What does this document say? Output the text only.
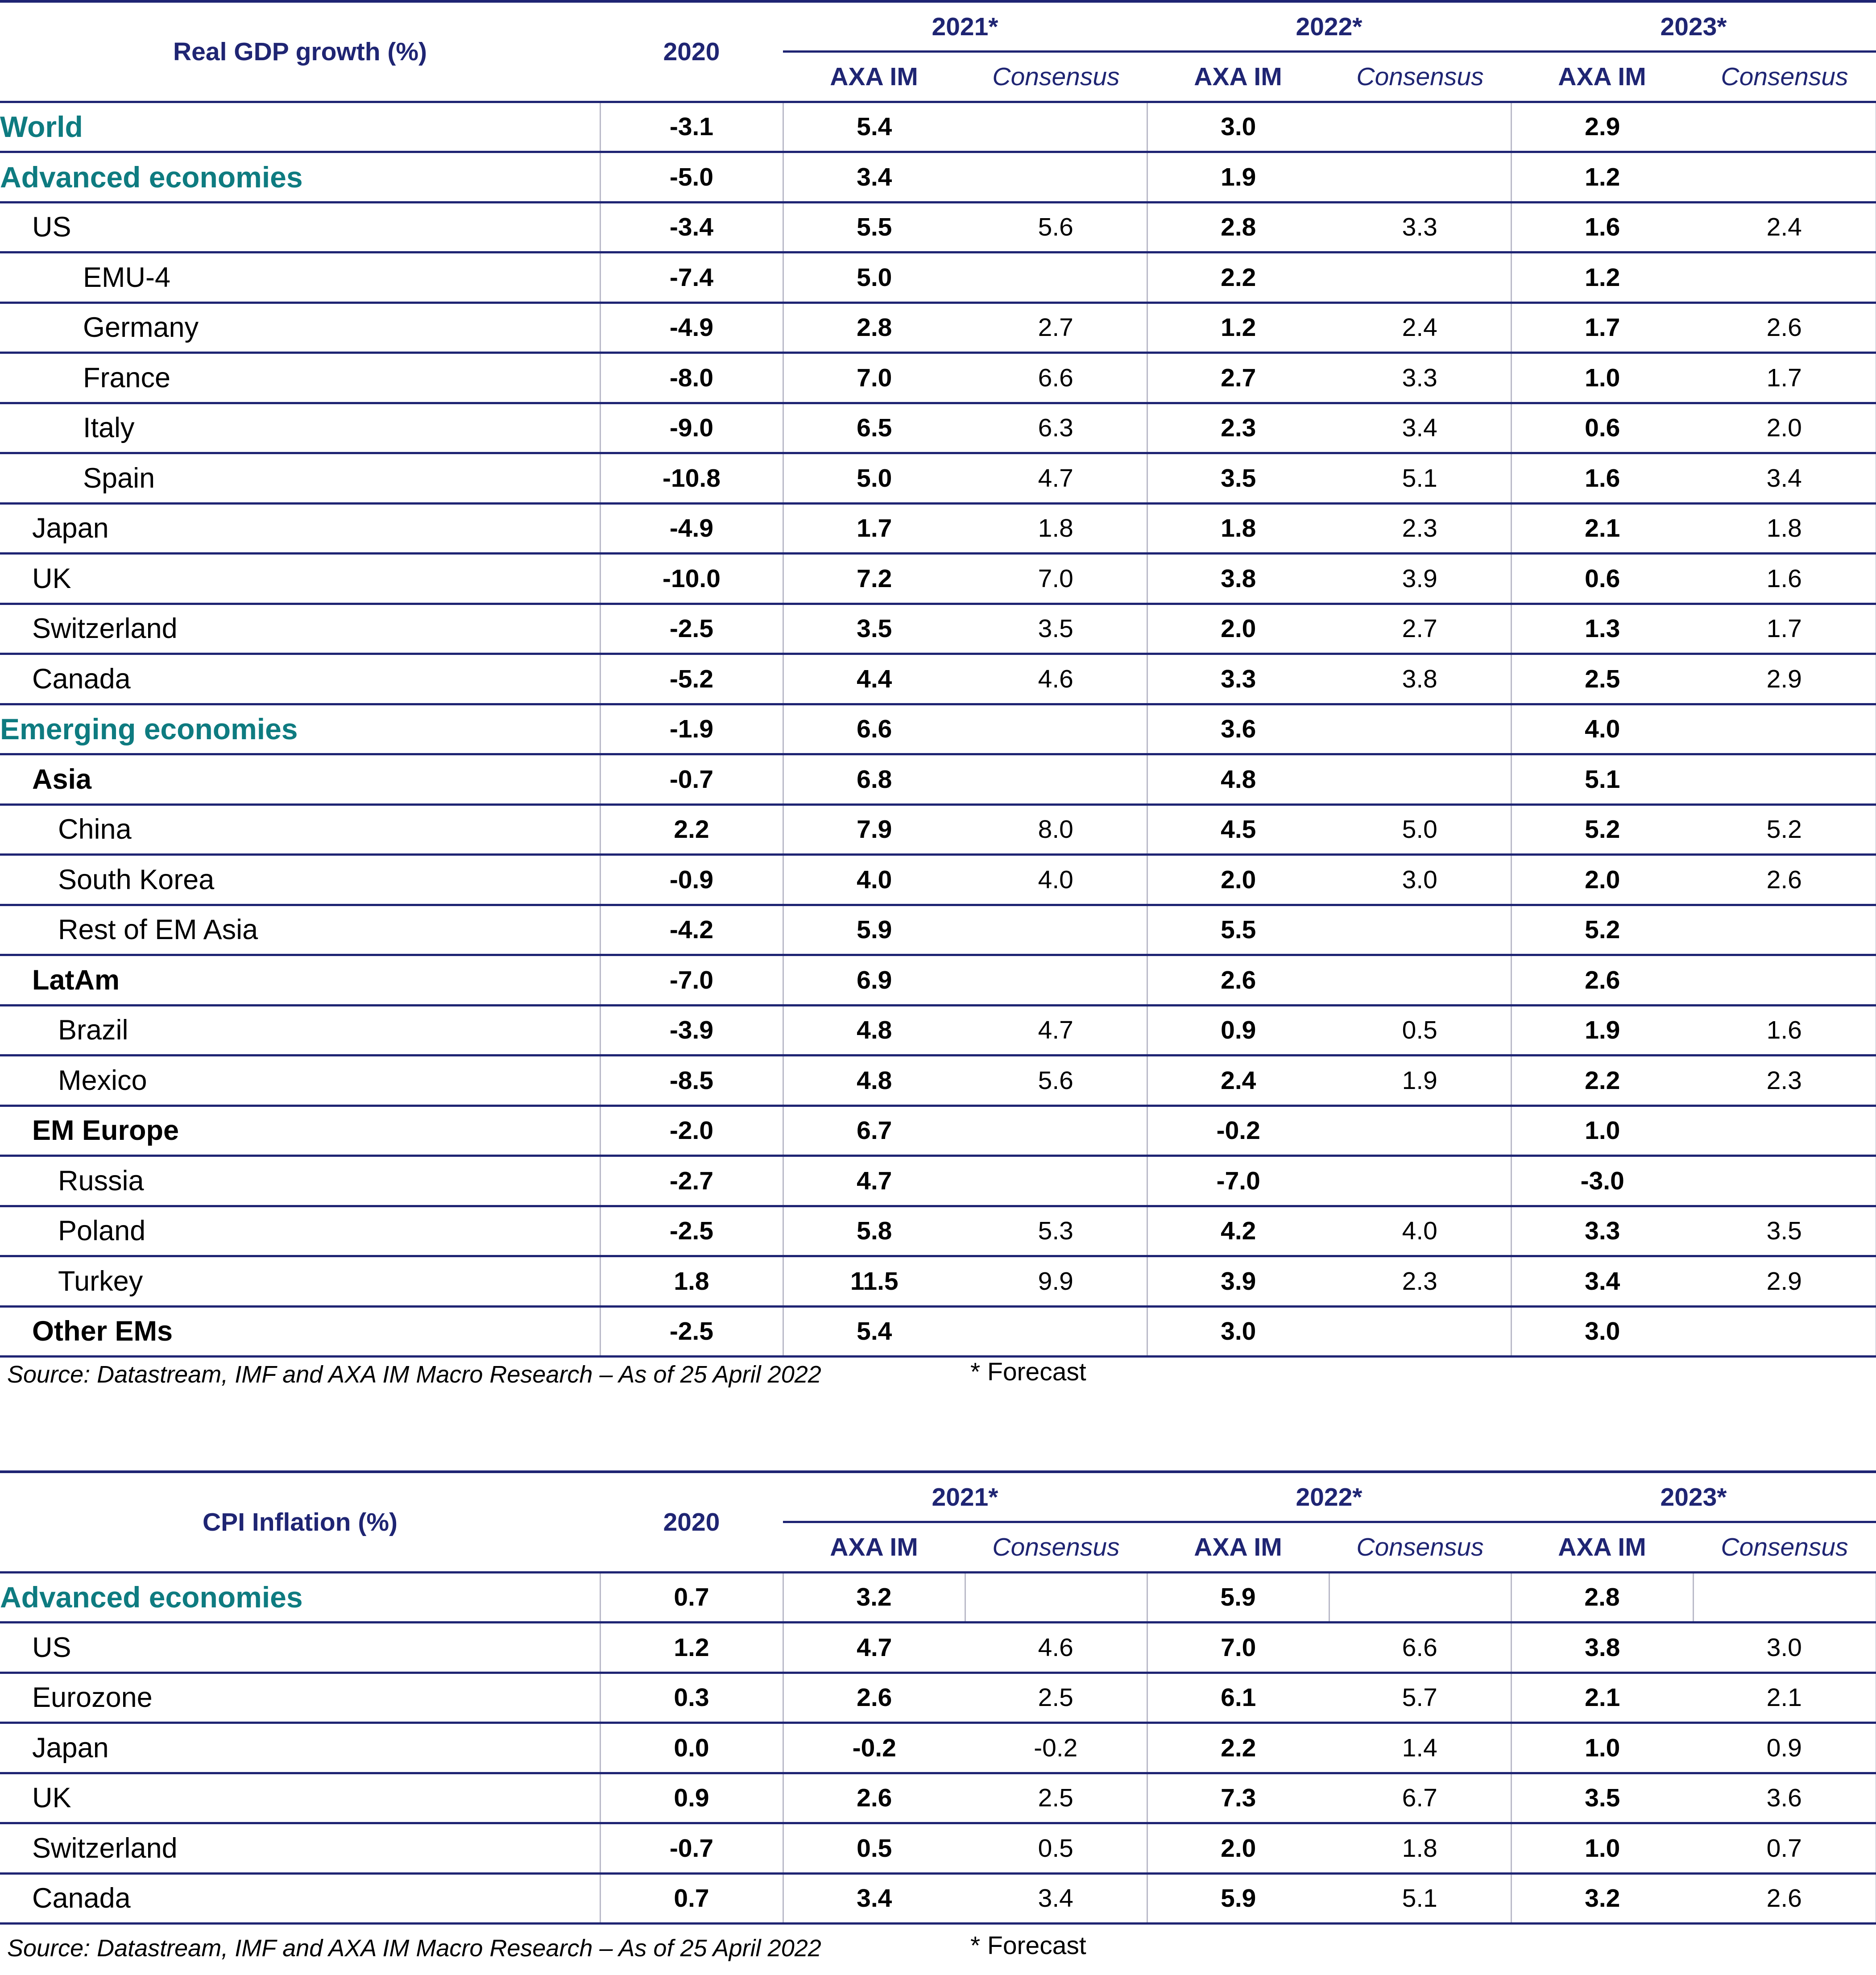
Real GDP growth (%)	2020	2021*		2022*		2023*	
		AXA IM	Consensus	AXA IM	Consensus	AXA IM	Consensus
World	-3.1	5.4		3.0		2.9	
Advanced economies	-5.0	3.4		1.9		1.2	
US	-3.4	5.5	5.6	2.8	3.3	1.6	2.4
EMU-4	-7.4	5.0		2.2		1.2	
Germany	-4.9	2.8	2.7	1.2	2.4	1.7	2.6
France	-8.0	7.0	6.6	2.7	3.3	1.0	1.7
Italy	-9.0	6.5	6.3	2.3	3.4	0.6	2.0
Spain	-10.8	5.0	4.7	3.5	5.1	1.6	3.4
Japan	-4.9	1.7	1.8	1.8	2.3	2.1	1.8
UK	-10.0	7.2	7.0	3.8	3.9	0.6	1.6
Switzerland	-2.5	3.5	3.5	2.0	2.7	1.3	1.7
Canada	-5.2	4.4	4.6	3.3	3.8	2.5	2.9
Emerging economies	-1.9	6.6		3.6		4.0	
Asia	-0.7	6.8		4.8		5.1	
China	2.2	7.9	8.0	4.5	5.0	5.2	5.2
South Korea	-0.9	4.0	4.0	2.0	3.0	2.0	2.6
Rest of EM Asia	-4.2	5.9		5.5		5.2	
LatAm	-7.0	6.9		2.6		2.6	
Brazil	-3.9	4.8	4.7	0.9	0.5	1.9	1.6
Mexico	-8.5	4.8	5.6	2.4	1.9	2.2	2.3
EM Europe	-2.0	6.7		-0.2		1.0	
Russia	-2.7	4.7		-7.0		-3.0	
Poland	-2.5	5.8	5.3	4.2	4.0	3.3	3.5
Turkey	1.8	11.5	9.9	3.9	2.3	3.4	2.9
Other EMs	-2.5	5.4		3.0		3.0	
Source: Datastream, IMF and AXA IM Macro Research – As of 25 April 2022	* Forecast
CPI Inflation (%)	2020	2021*		2022*		2023*	
		AXA IM	Consensus	AXA IM	Consensus	AXA IM	Consensus
Advanced economies	0.7	3.2		5.9		2.8	
US	1.2	4.7	4.6	7.0	6.6	3.8	3.0
Eurozone	0.3	2.6	2.5	6.1	5.7	2.1	2.1
Japan	0.0	-0.2	-0.2	2.2	1.4	1.0	0.9
UK	0.9	2.6	2.5	7.3	6.7	3.5	3.6
Switzerland	-0.7	0.5	0.5	2.0	1.8	1.0	0.7
Canada	0.7	3.4	3.4	5.9	5.1	3.2	2.6
Source: Datastream, IMF and AXA IM Macro Research – As of 25 April 2022	* Forecast
